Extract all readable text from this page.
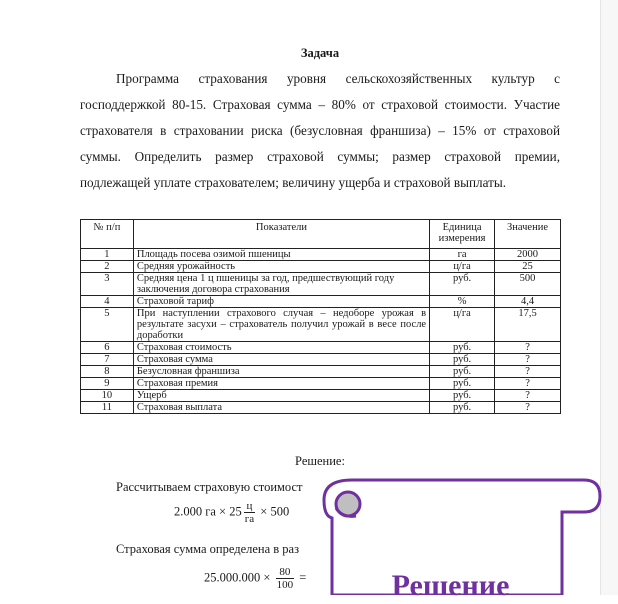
Задача

Программа страхования уровня сельскохозяйственных культур с господдержкой 80-15. Страховая сумма – 80% от страховой стоимости. Участие страхователя в страховании риска (безусловная франшиза) – 15% от страховой суммы. Определить размер страховой суммы; размер страховой премии, подлежащей уплате страхователем; величину ущерба и страховой выплаты.

№ п/п	Показатели	Единица измерения	Значение
1	Площадь посева озимой пшеницы	га	2000
2	Средняя урожайность	ц/га	25
3	Средняя цена 1 ц пшеницы за год, предшествующий году заключения договора страхования	руб.	500
4	Страховой тариф	%	4,4
5	При наступлении страхового случая – недоборе урожая в результате засухи – страхователь получил урожай в весе после доработки	ц/га	17,5
6	Страховая стоимость	руб.	?
7	Страховая сумма	руб.	?
8	Безусловная франшиза	руб.	?
9	Страховая премия	руб.	?
10	Ущерб	руб.	?
11	Страховая выплата	руб.	?
Решение:
Рассчитываем страховую стоимост
2.000 га × $25 \frac{ц}{га} \times 500$
Страховая сумма определена в раз
$25.000.000 \times \frac{80}{100}$ =	Решение
